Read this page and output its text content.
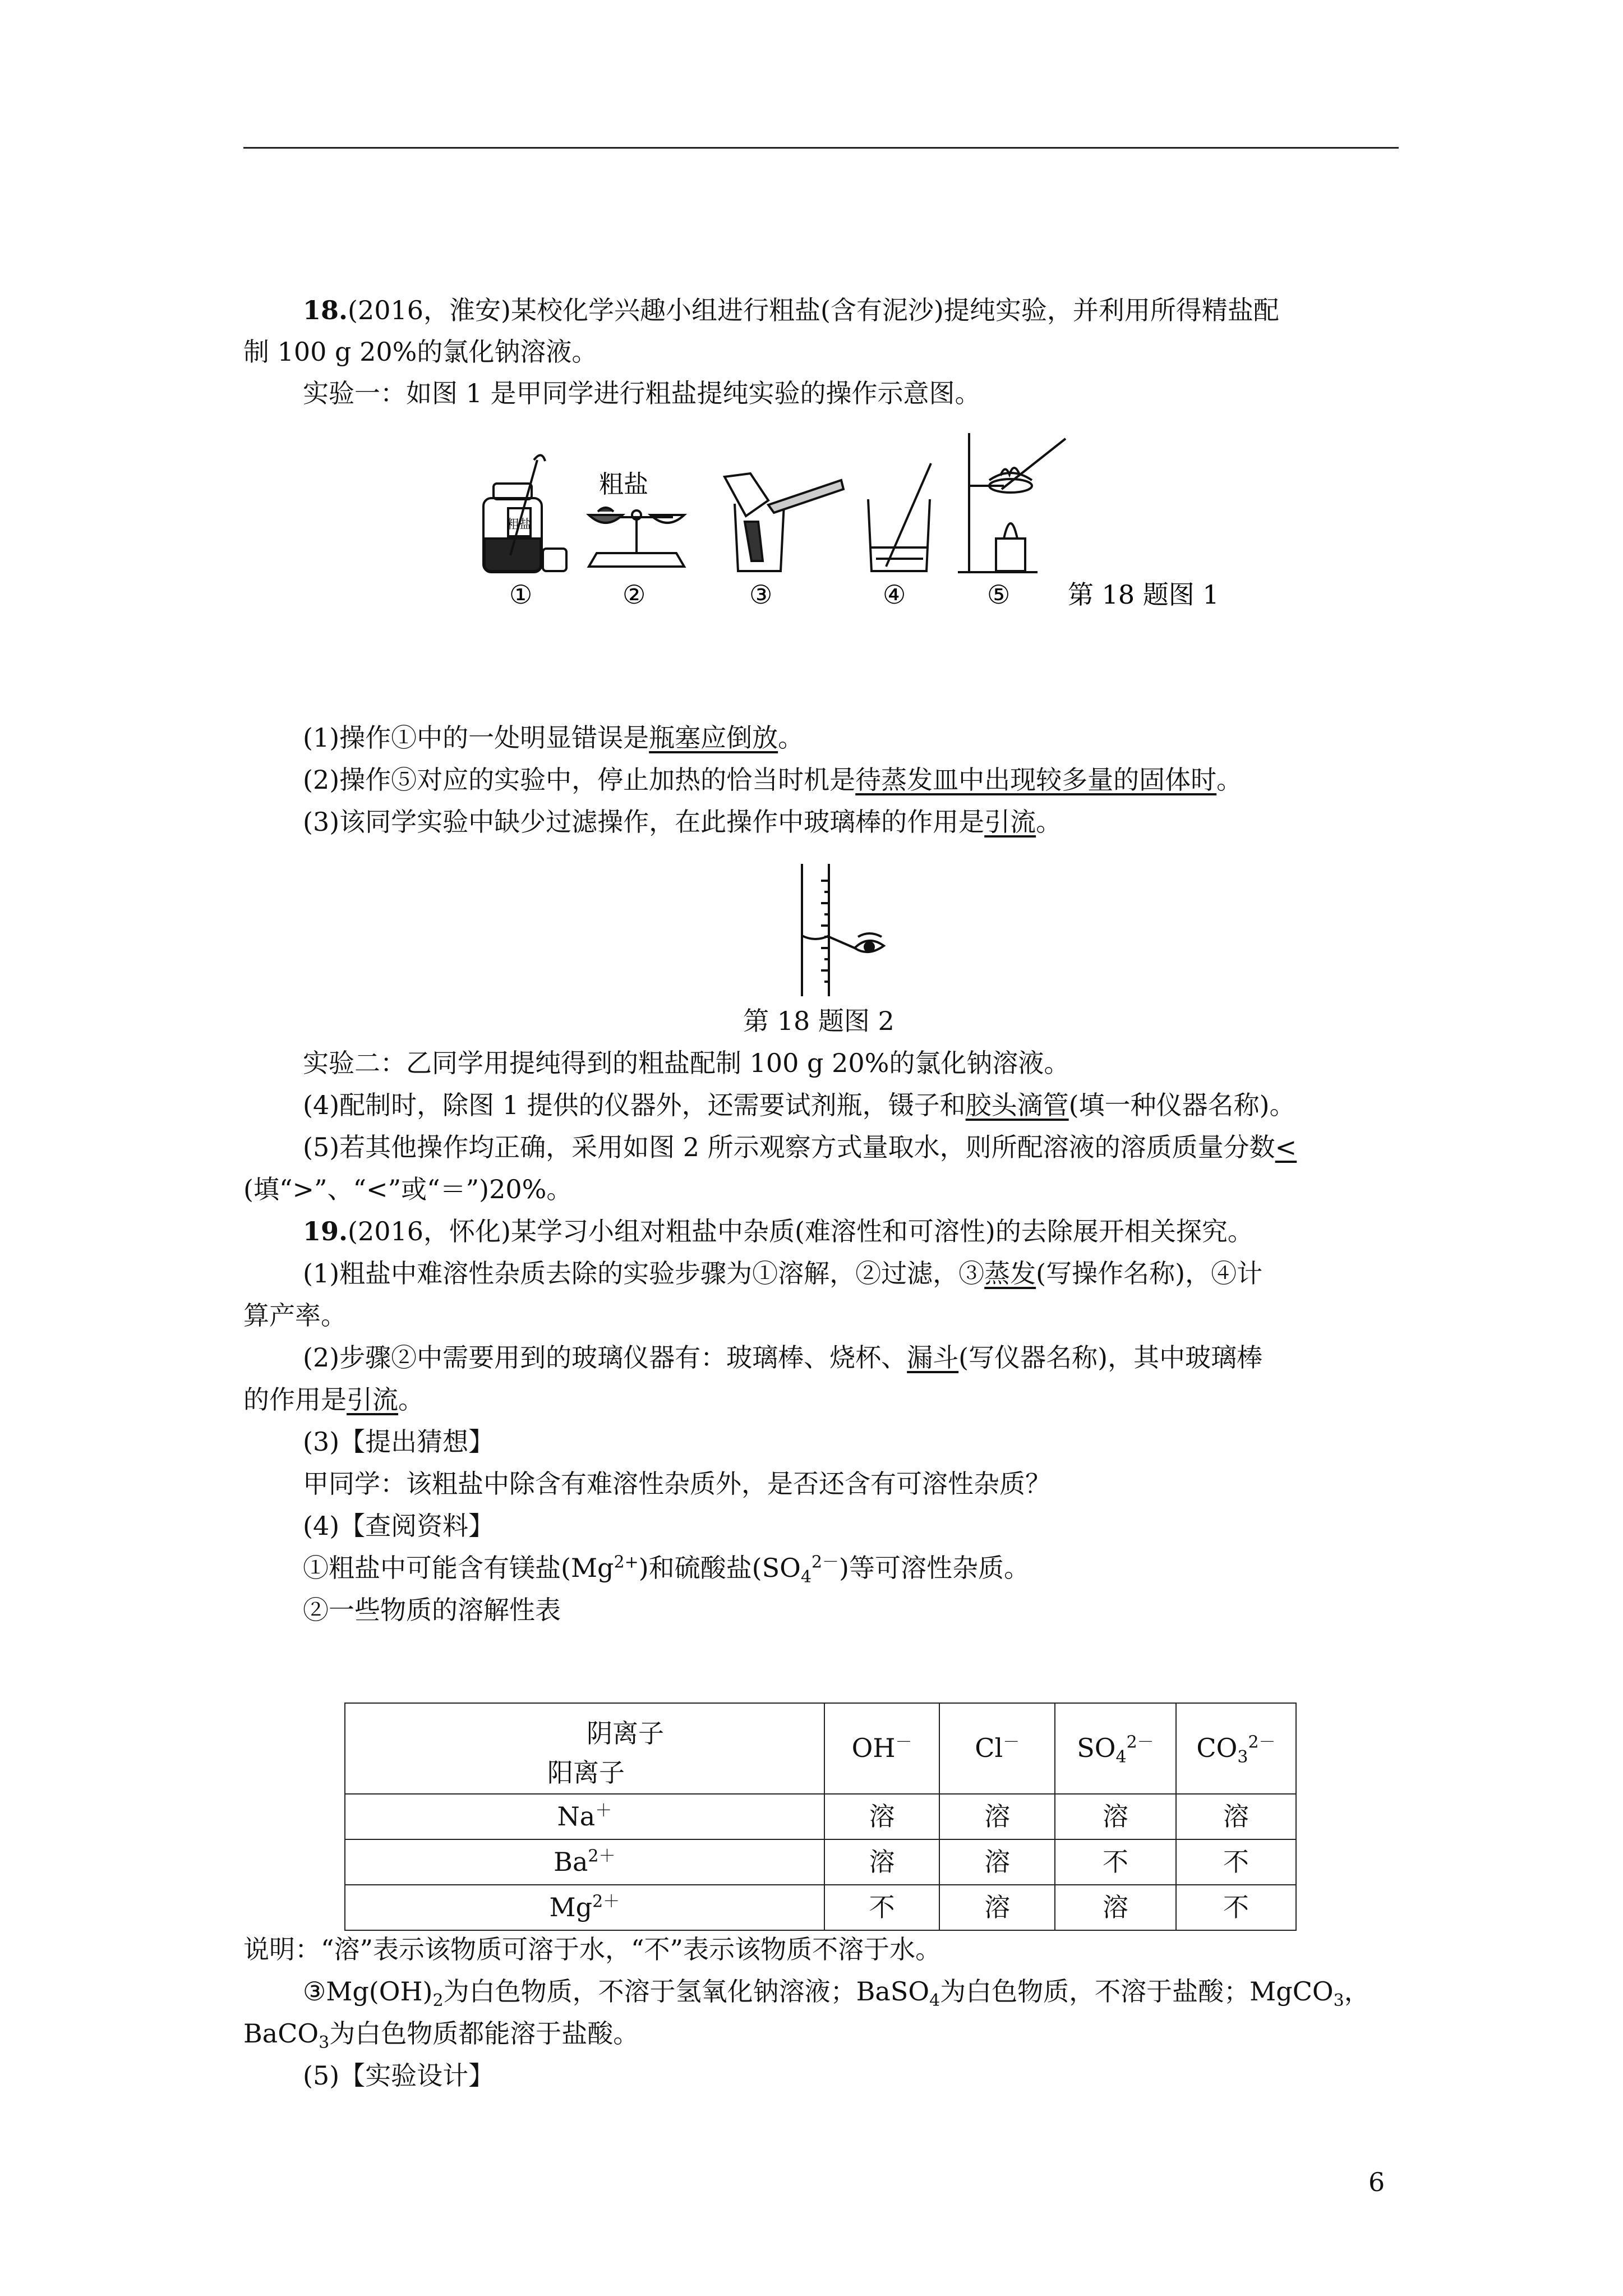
18.(2016，淮安)某校化学兴趣小组进行粗盐(含有泥沙)提纯实验，并利用所得精盐配
制 100 g 20%的氯化钠溶液。
实验一：如图 1 是甲同学进行粗盐提纯实验的操作示意图。
粗盐
粗盐
①	②	③	④	⑤ 第 18 题图 1
(1)操作①中的一处明显错误是瓶塞应倒放。
(2)操作⑤对应的实验中，停止加热的恰当时机是待蒸发皿中出现较多量的固体时。
(3)该同学实验中缺少过滤操作，在此操作中玻璃棒的作用是引流。
第 18 题图 2
实验二：乙同学用提纯得到的粗盐配制 100 g 20%的氯化钠溶液。
(4)配制时，除图 1 提供的仪器外，还需要试剂瓶，镊子和胶头滴管(填一种仪器名称)。
(5)若其他操作均正确，采用如图 2 所示观察方式量取水，则所配溶液的溶质质量分数<
(填“>”、“<”或“＝”)20%。
19.(2016，怀化)某学习小组对粗盐中杂质(难溶性和可溶性)的去除展开相关探究。
(1)粗盐中难溶性杂质去除的实验步骤为①溶解，②过滤，③蒸发(写操作名称)，④计
算产率。
(2)步骤②中需要用到的玻璃仪器有：玻璃棒、烧杯、漏斗(写仪器名称)，其中玻璃棒
的作用是引流。
(3)【提出猜想】
甲同学：该粗盐中除含有难溶性杂质外，是否还含有可溶性杂质？
(4)【查阅资料】
①粗盐中可能含有镁盐$(Mg^{2+})$和硫酸盐$(SO_4^{2-})$等可溶性杂质。
②一些物质的溶解性表
阴离子
阳离子	OH－	Cl－	$SO_4^{2-}$	$CO_3^{2-}$
Na＋	溶	溶	溶	溶
$Ba^{2+}$	溶	溶	不	不
$Mg^{2+}$	不	溶	溶	不
说明：“溶”表示该物质可溶于水，“不”表示该物质不溶于水。
$③Mg(OH)_2$为白色物质，不溶于氢氧化钠溶液；BaSO$_4$为白色物质，不溶于盐酸；MgCO$_3$，
BaCO$_3$为白色物质都能溶于盐酸。
(5)【实验设计】
6
